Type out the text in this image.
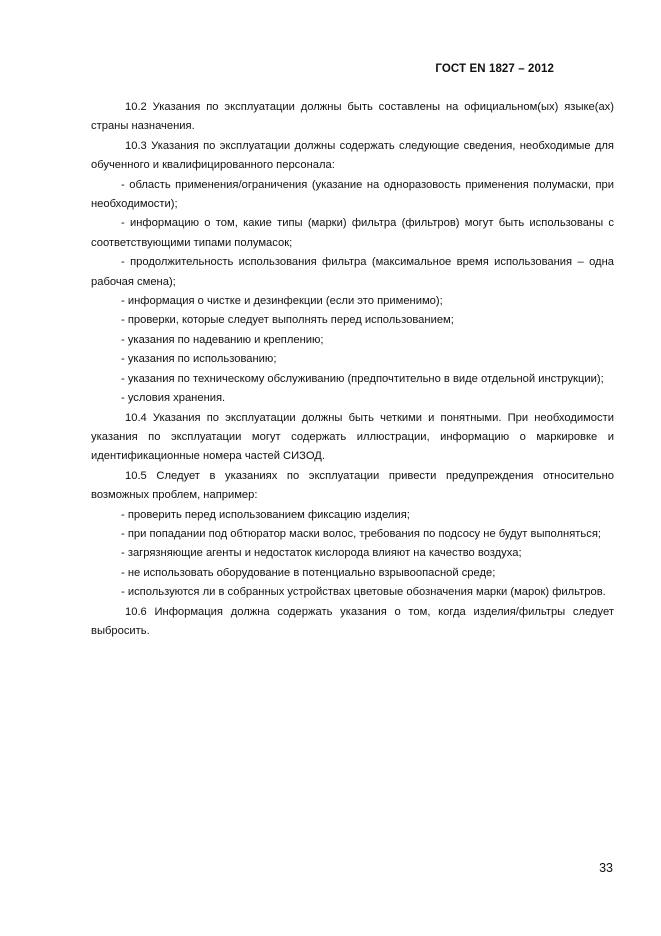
ГОСТ EN 1827 – 2012

10.2 Указания по эксплуатации должны быть составлены на официальном(ых) языке(ах) страны назначения.

10.3 Указания по эксплуатации должны содержать следующие сведения, необходимые для обученного и квалифицированного персонала:

- область применения/ограничения (указание на одноразовость применения полумаски, при необходимости);

- информацию о том, какие типы (марки) фильтра (фильтров) могут быть использованы с соответствующими типами полумасок;

- продолжительность использования фильтра (максимальное время использования – одна рабочая смена);

- информация о чистке и дезинфекции (если это применимо);

- проверки, которые следует выполнять перед использованием;

- указания по надеванию и креплению;

- указания по использованию;

- указания по техническому обслуживанию (предпочтительно в виде отдельной инструкции);

- условия хранения.

10.4 Указания по эксплуатации должны быть четкими и понятными. При необходимости указания по эксплуатации могут содержать иллюстрации, информацию о маркировке и идентификационные номера частей СИЗОД.

10.5 Следует в указаниях по эксплуатации привести предупреждения относительно возможных проблем, например:

- проверить перед использованием фиксацию изделия;

- при попадании под обтюратор маски волос, требования по подсосу не будут выполняться;

- загрязняющие агенты и недостаток кислорода влияют на качество воздуха;

- не использовать оборудование в потенциально взрывоопасной среде;

- используются ли в собранных устройствах цветовые обозначения марки (марок) фильтров.

10.6 Информация должна содержать указания о том, когда изделия/фильтры следует выбросить.

33
